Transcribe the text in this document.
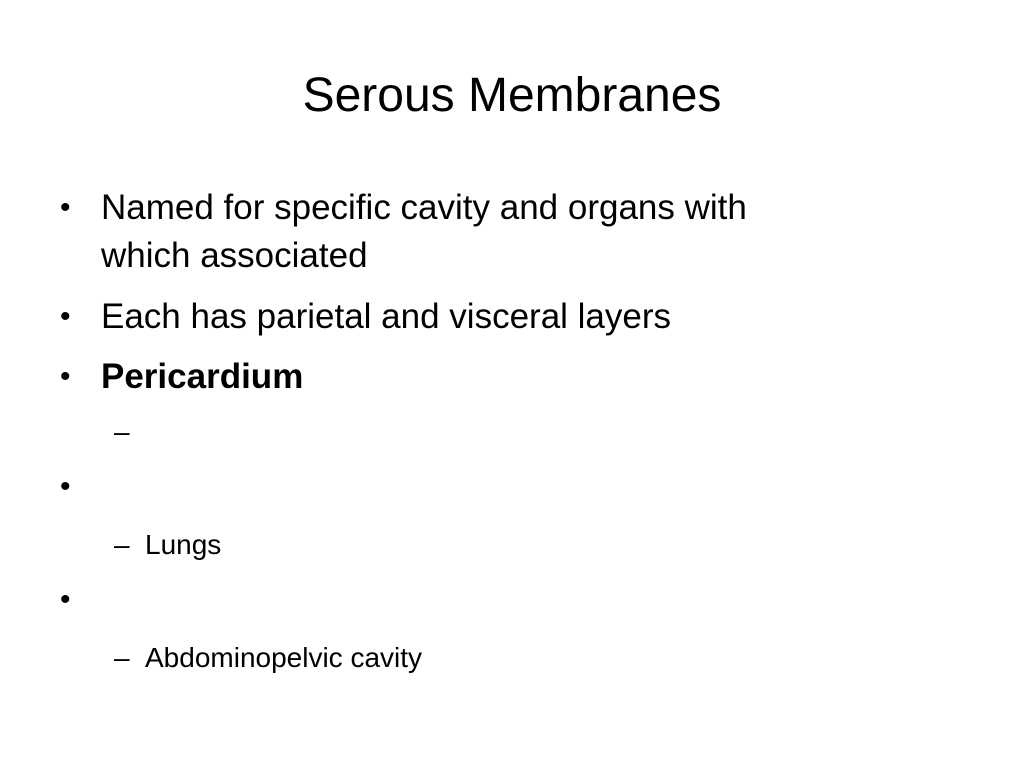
Serous Membranes
• Named for specific cavity and organs with
which associated
• Each has parietal and visceral layers
• Pericardium
–
•
– Lungs
•
– Abdominopelvic cavity
